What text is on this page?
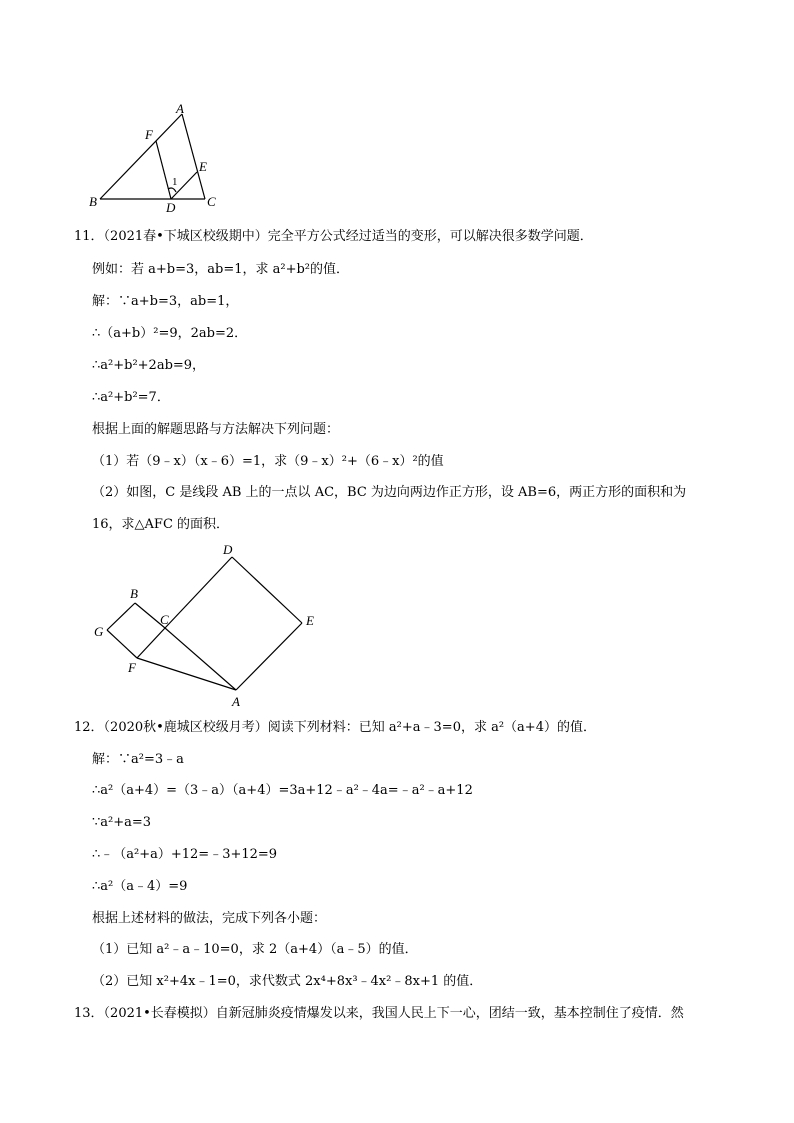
A
F
E
1
B	D C
11．（2021春•下城区校级期中）完全平方公式经过适当的变形，可以解决很多数学问题．
例如：若 a+b=3，ab=1，求 a²+b²的值．
解：∵a+b=3，ab=1，
∴（a+b）²=9，2ab=2．
∴a²+b²+2ab=9，
∴a²+b²=7．
根据上面的解题思路与方法解决下列问题：
（1）若（9﹣x）（x﹣6）=1，求（9﹣x）²+（6﹣x）²的值
（2）如图，C 是线段 AB 上的一点以 AC，BC 为边向两边作正方形，设 AB=6，两正方形的面积和为
16，求△AFC 的面积．
D
B
C	E
G
F
A
12．（2020秋•鹿城区校级月考）阅读下列材料：已知 a²+a﹣3=0，求 a²（a+4）的值．
解：∵a²=3﹣a
∴a²（a+4）=（3﹣a）（a+4）=3a+12﹣a²﹣4a=﹣a²﹣a+12
∵a²+a=3
∴﹣（a²+a）+12=﹣3+12=9
∴a²（a﹣4）=9
根据上述材料的做法，完成下列各小题：
（1）已知 a²﹣a﹣10=0，求 2（a+4）（a﹣5）的值．
（2）已知 x²+4x﹣1=0，求代数式 2x⁴+8x³﹣4x²﹣8x+1 的值．
13．（2021•长春模拟）自新冠肺炎疫情爆发以来，我国人民上下一心，团结一致，基本控制住了疫情．然
